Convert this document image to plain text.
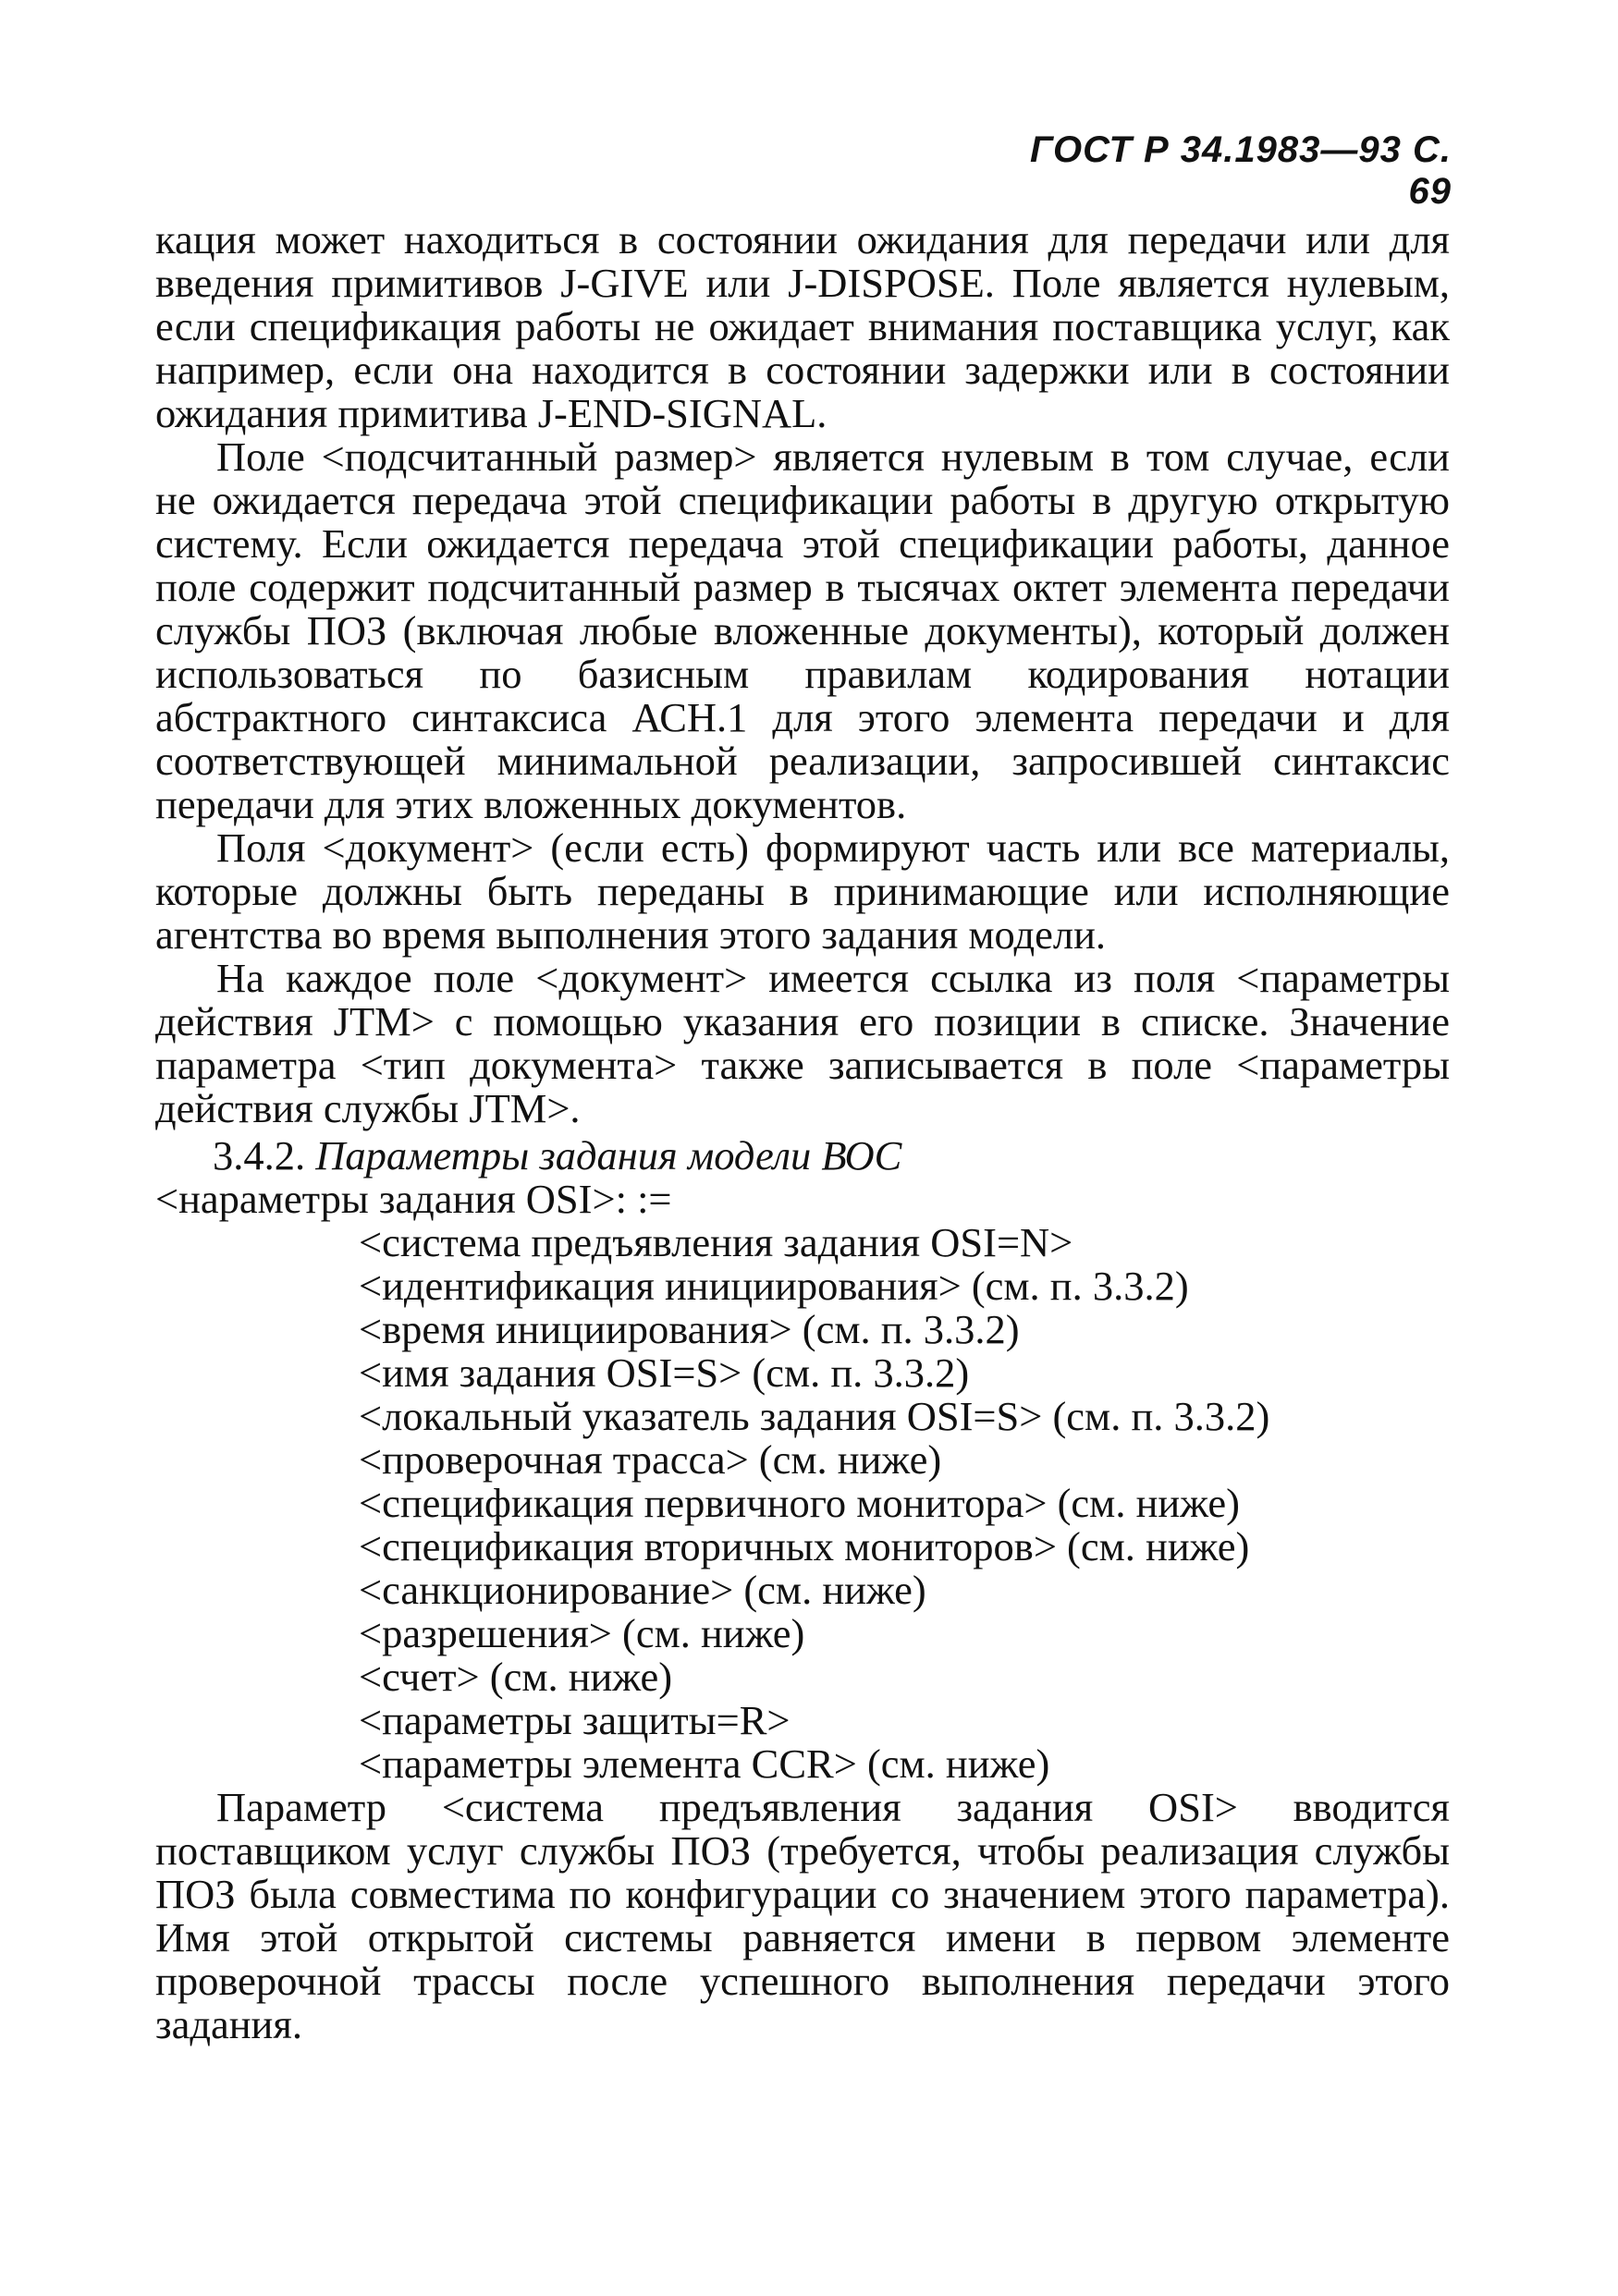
ГОСТ Р 34.1983—93 С. 69

кация может находиться в состоянии ожидания для передачи или для введения примитивов J-GIVE или J-DISPOSE. Поле является нулевым, если спецификация работы не ожидает внимания поставщика услуг, как например, если она находится в состоянии задержки или в состоянии ожидания примитива J-END-SIGNAL.

Поле <подсчитанный размер> является нулевым в том случае, если не ожидается передача этой спецификации работы в другую открытую систему. Если ожидается передача этой спецификации работы, данное поле содержит подсчитанный размер в тысячах октет элемента передачи службы ПОЗ (включая любые вложенные документы), который должен использоваться по базисным правилам кодирования нотации абстрактного синтаксиса АСН.1 для этого элемента передачи и для соответствующей минимальной реализации, запросившей синтаксис передачи для этих вложенных документов.

Поля <документ> (если есть) формируют часть или все материалы, которые должны быть переданы в принимающие или исполняющие агентства во время выполнения этого задания модели.

На каждое поле <документ> имеется ссылка из поля <параметры действия JTM> с помощью указания его позиции в списке. Значение параметра <тип документа> также записывается в поле <параметры действия службы JTM>.

3.4.2. Параметры задания модели ВОС

<нараметры задания OSI>: :=

<система предъявления задания OSI=N>
<идентификация инициирования> (см. п. 3.3.2)
<время инициирования> (см. п. 3.3.2)
<имя задания OSI=S> (см. п. 3.3.2)
<локальный указатель задания OSI=S> (см. п. 3.3.2)
<проверочная трасса> (см. ниже)
<спецификация первичного монитора> (см. ниже)
<спецификация вторичных мониторов> (см. ниже)
<санкционирование> (см. ниже)
<разрешения> (см. ниже)
<счет> (см. ниже)
<параметры защиты=R>
<параметры элемента CCR> (см. ниже)

Параметр <система предъявления задания OSI> вводится поставщиком услуг службы ПОЗ (требуется, чтобы реализация службы ПОЗ была совместима по конфигурации со значением этого параметра). Имя этой открытой системы равняется имени в первом элементе проверочной трассы после успешного выполнения передачи этого задания.
